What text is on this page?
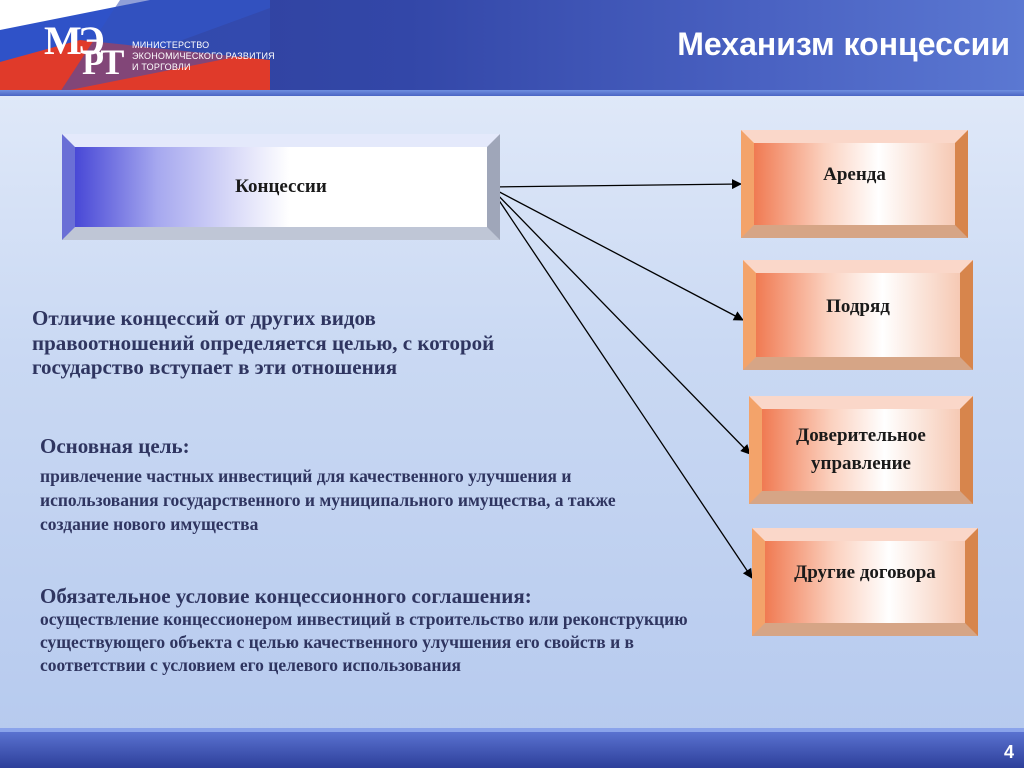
МЭ
РТ	МИНИСТЕРСТВО
ЭКОНОМИЧЕСКОГО РАЗВИТИЯ
И ТОРГОВЛИ
Механизм концессии
Концессии
Аренда
Подряд
Доверительное управление
Другие договора
Отличие концессий от других видов правоотношений определяется целью, с которой государство вступает в эти отношения
Основная цель:
привлечение частных инвестиций для качественного улучшения и использования государственного и муниципального имущества, а также создание нового имущества
Обязательное условие концессионного соглашения:
осуществление концессионером инвестиций в строительство или реконструкцию существующего объекта с целью качественного улучшения его свойств и в соответствии с условием его целевого использования
4
